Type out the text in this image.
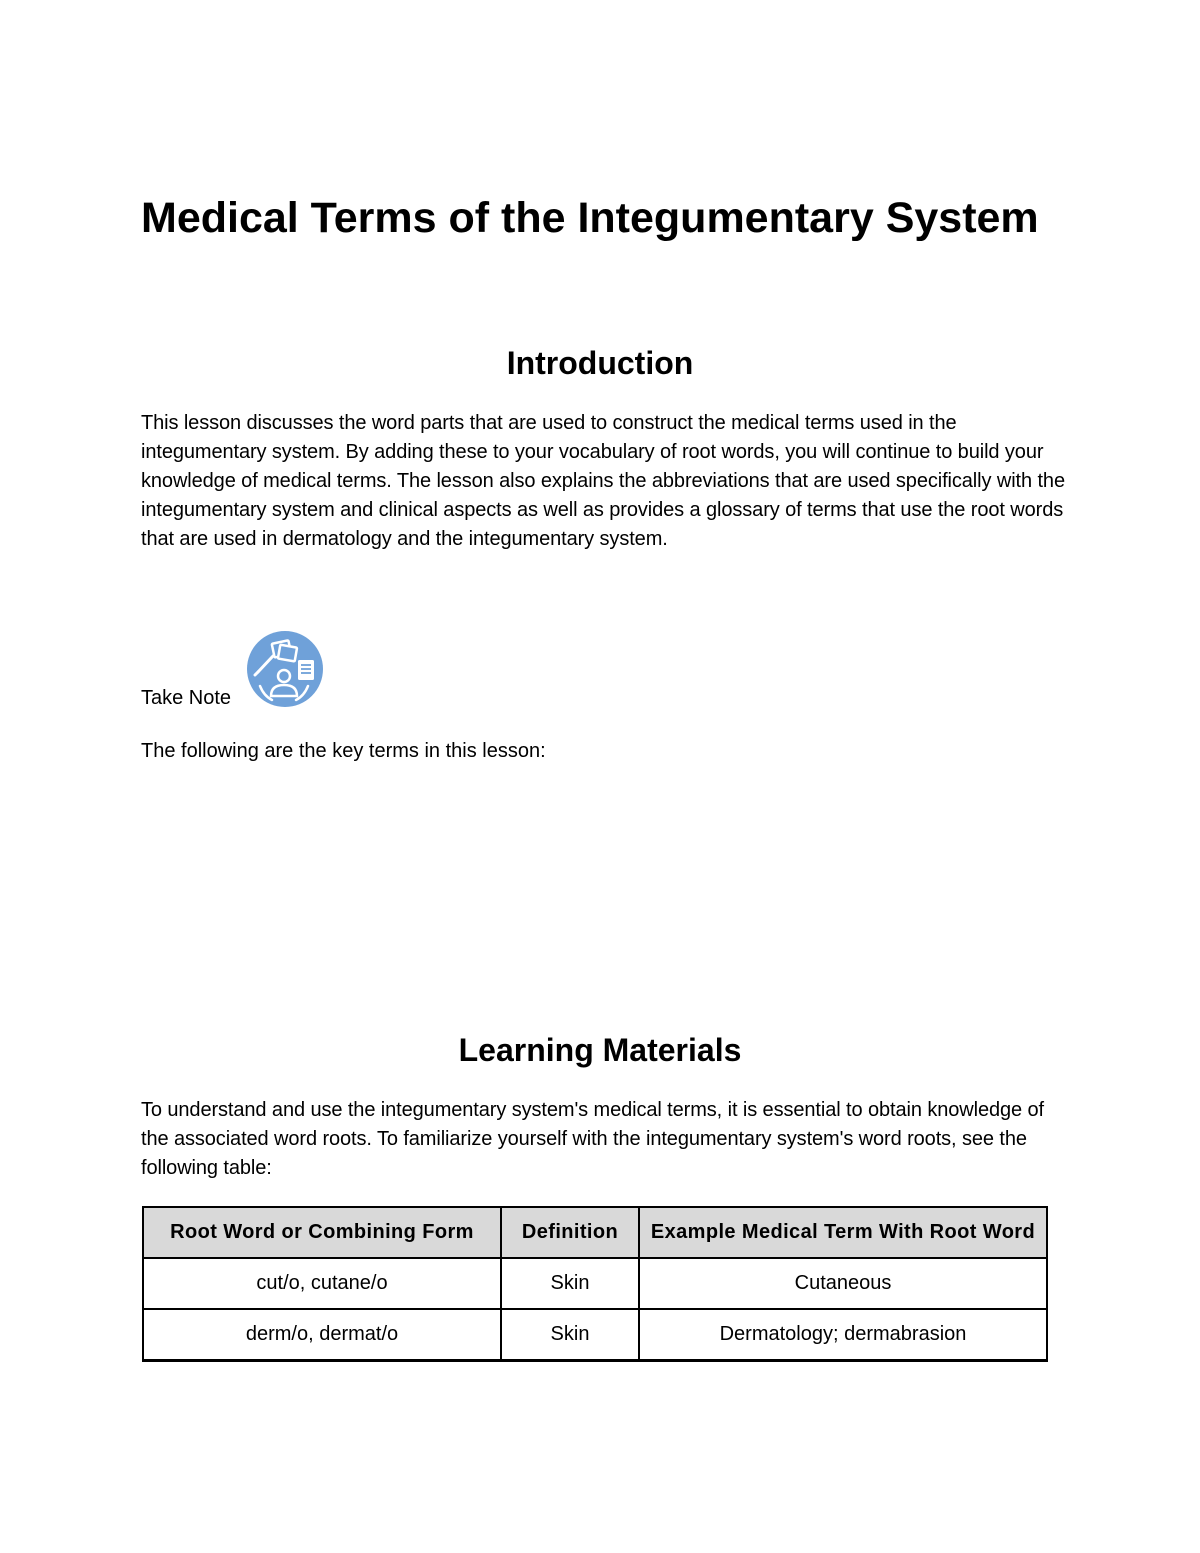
Medical Terms of the Integumentary System
Introduction

This lesson discusses the word parts that are used to construct the medical terms used in the integumentary system. By adding these to your vocabulary of root words, you will continue to build your knowledge of medical terms. The lesson also explains the abbreviations that are used specifically with the integumentary system and clinical aspects as well as provides a glossary of terms that use the root words that are used in dermatology and the integumentary system.

Take Note

The following are the key terms in this lesson:

Learning Materials

To understand and use the integumentary system's medical terms, it is essential to obtain knowledge of the associated word roots. To familiarize yourself with the integumentary system's word roots, see the following table:

Root Word or Combining Form	Definition	Example Medical Term With Root Word
cut/o, cutane/o	Skin	Cutaneous
derm/o, dermat/o	Skin	Dermatology; dermabrasion
